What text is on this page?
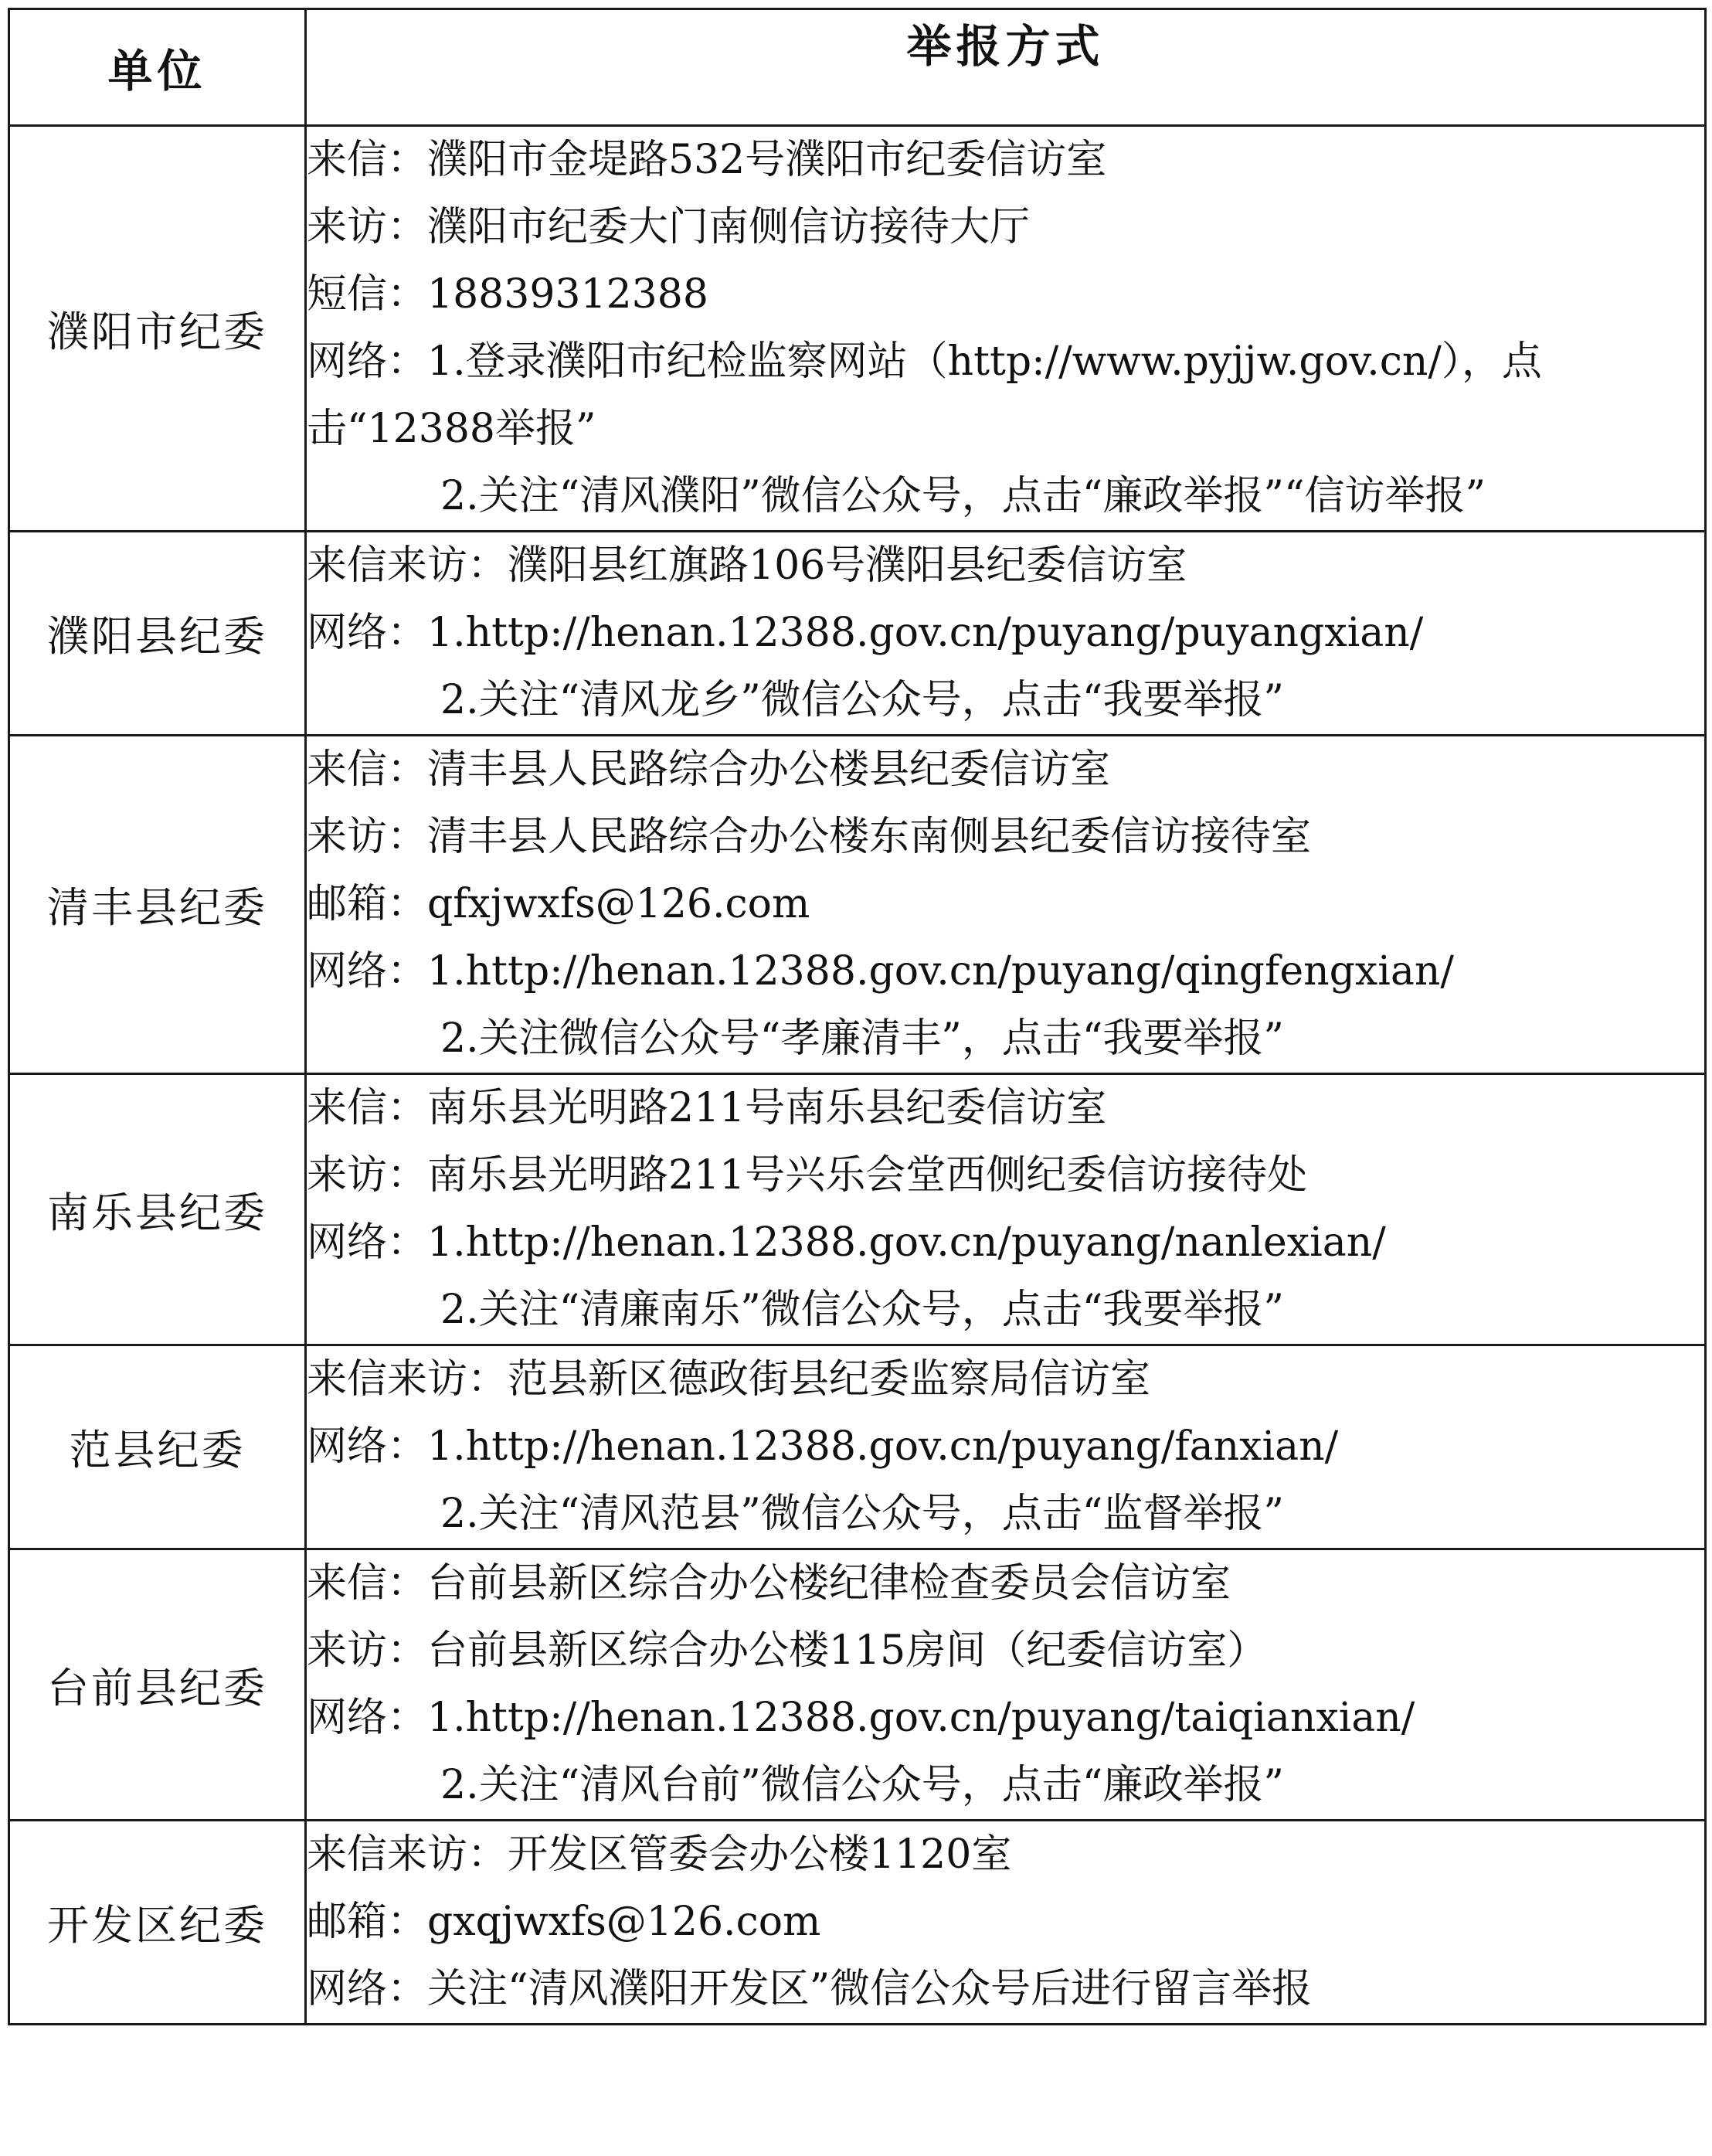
单位	举报方式
濮阳市纪委	来信：濮阳市金堤路532号濮阳市纪委信访室
来访：濮阳市纪委大门南侧信访接待大厅
短信：18839312388
网络：1.登录濮阳市纪检监察网站（http://www.pyjjw.gov.cn/），点击“12388举报”
2.关注“清风濮阳”微信公众号，点击“廉政举报”“信访举报”

濮阳县纪委	来信来访：濮阳县红旗路106号濮阳县纪委信访室
网络：1.http://henan.12388.gov.cn/puyang/puyangxian/
2.关注“清风龙乡”微信公众号，点击“我要举报”

清丰县纪委	来信：清丰县人民路综合办公楼县纪委信访室
来访：清丰县人民路综合办公楼东南侧县纪委信访接待室
邮箱：qfxjwxfs@126.com
网络：1.http://henan.12388.gov.cn/puyang/qingfengxian/
2.关注微信公众号“孝廉清丰”，点击“我要举报”

南乐县纪委	来信：南乐县光明路211号南乐县纪委信访室
来访：南乐县光明路211号兴乐会堂西侧纪委信访接待处
网络：1.http://henan.12388.gov.cn/puyang/nanlexian/
2.关注“清廉南乐”微信公众号，点击“我要举报”

范县纪委	来信来访：范县新区德政街县纪委监察局信访室
网络：1.http://henan.12388.gov.cn/puyang/fanxian/
2.关注“清风范县”微信公众号，点击“监督举报”

台前县纪委	来信：台前县新区综合办公楼纪律检查委员会信访室
来访：台前县新区综合办公楼115房间（纪委信访室）
网络：1.http://henan.12388.gov.cn/puyang/taiqianxian/
2.关注“清风台前”微信公众号，点击“廉政举报”

开发区纪委	来信来访：开发区管委会办公楼1120室
邮箱：gxqjwxfs@126.com
网络：关注“清风濮阳开发区”微信公众号后进行留言举报
